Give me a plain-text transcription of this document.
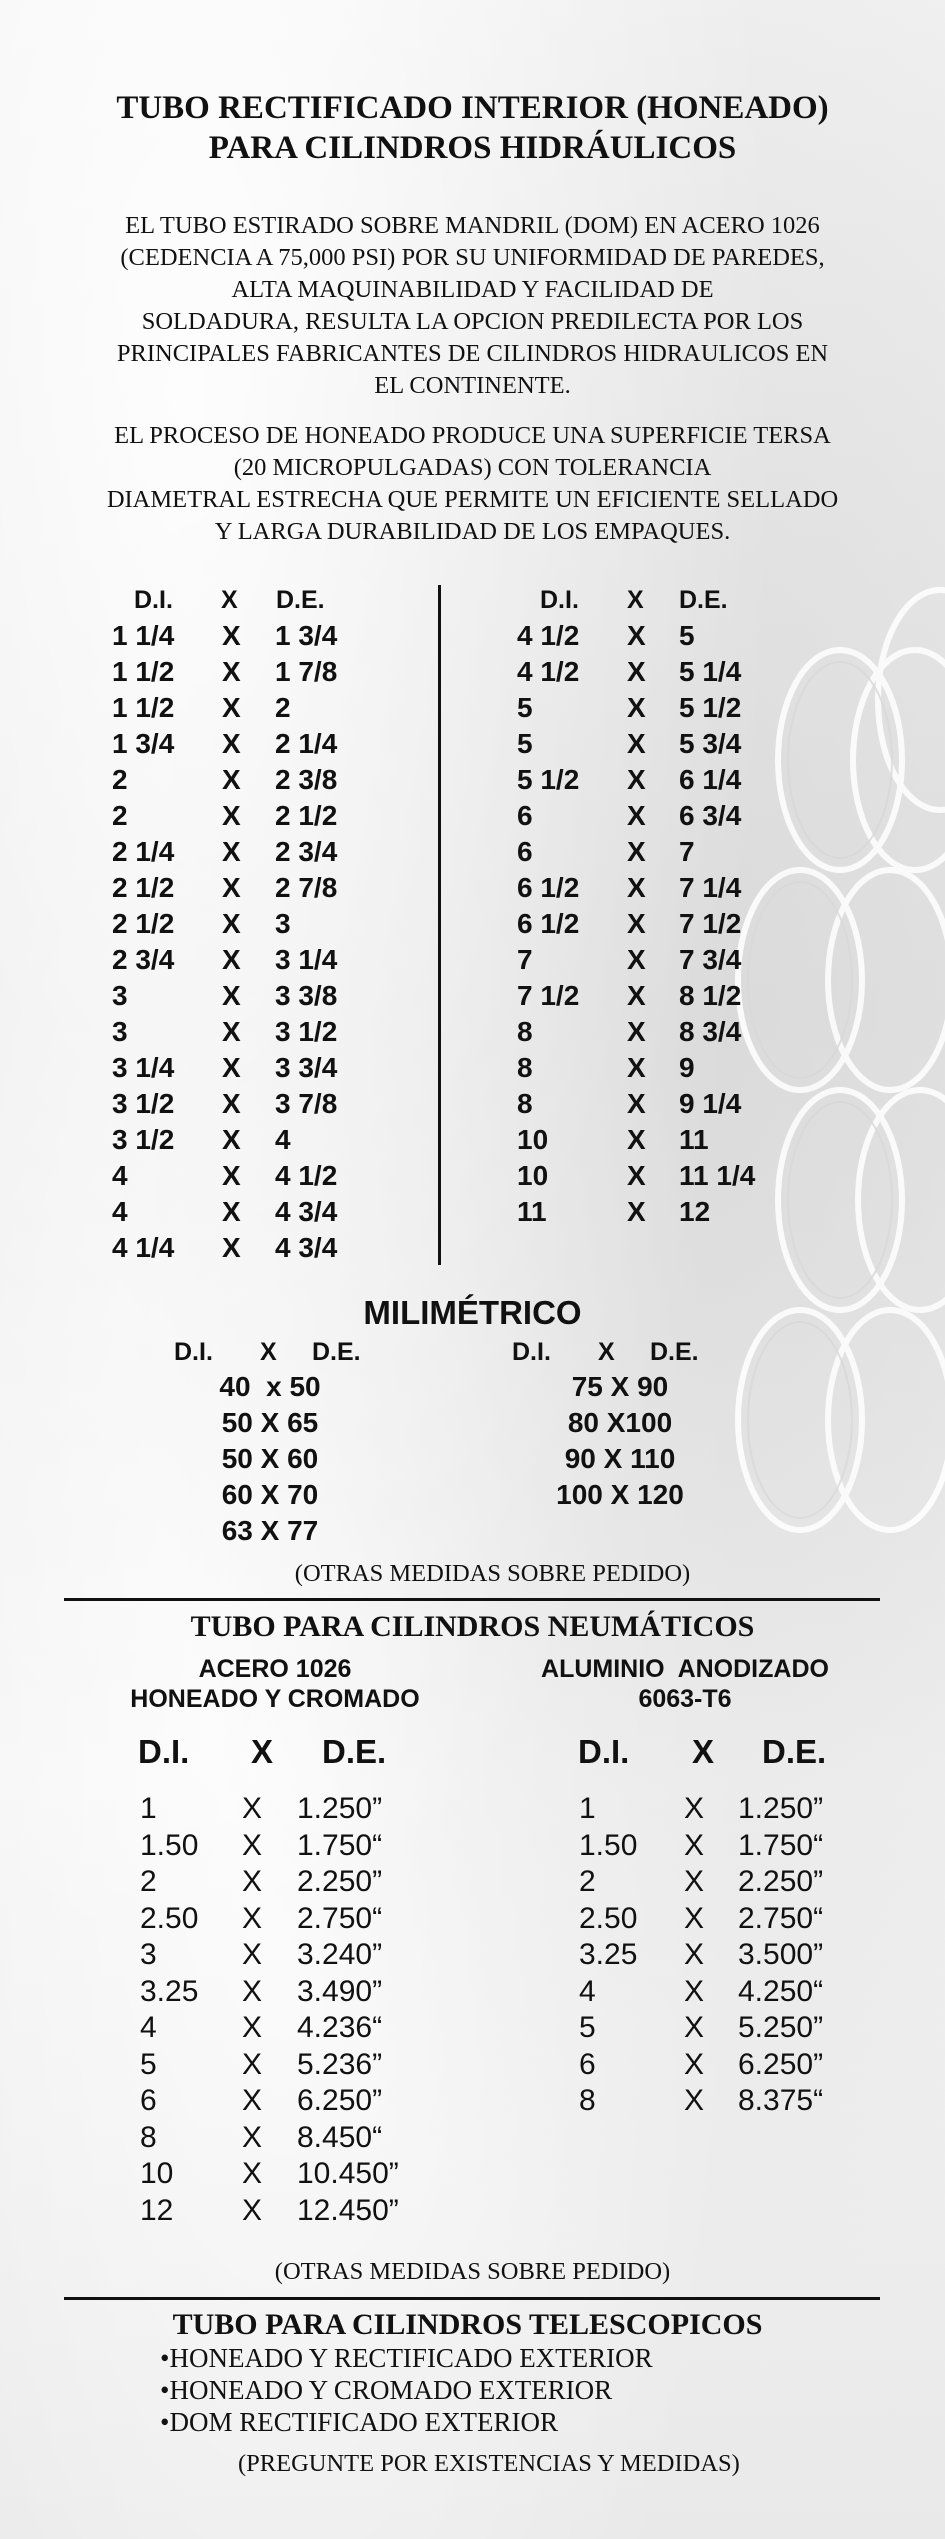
TUBO RECTIFICADO INTERIOR (HONEADO)
PARA CILINDROS HIDRÁULICOS
EL TUBO ESTIRADO SOBRE MANDRIL (DOM) EN ACERO 1026
(CEDENCIA A 75,000 PSI) POR SU UNIFORMIDAD DE PAREDES,
ALTA MAQUINABILIDAD Y FACILIDAD DE
SOLDADURA, RESULTA LA OPCION PREDILECTA POR LOS
PRINCIPALES FABRICANTES DE CILINDROS HIDRAULICOS EN
EL CONTINENTE.
EL PROCESO DE HONEADO PRODUCE UNA SUPERFICIE TERSA
(20 MICROPULGADAS) CON TOLERANCIA
DIAMETRAL ESTRECHA QUE PERMITE UN EFICIENTE SELLADO
Y LARGA DURABILIDAD DE LOS EMPAQUES.
D.I. X D.E.	D.I. X D.E.
1 1/4 X 1 3/4
1 1/2 X 1 7/8
1 1/2 X 2
1 3/4 X 2 1/4
2	X 2 3/8
2	X 2 1/2
2 1/4 X 2 3/4
2 1/2 X 2 7/8
2 1/2 X 3
2 3/4 X 3 1/4
3	X 3 3/8
3	X 3 1/2
3 1/4 X 3 3/4
3 1/2 X 3 7/8
3 1/2 X 4
4	X 4 1/2
4	X 4 3/4
4 1/4 X 4 3/4
4 1/2 X 5
4 1/2 X 5 1/4
5	X 5 1/2
5	X 5 3/4
5 1/2 X 6 1/4
6	X 6 3/4
6	X 7
6 1/2 X 7 1/4
6 1/2 X 7 1/2
7	X 7 3/4
7 1/2 X 8 1/2
8	X 8 3/4
8	X 9
8	X 9 1/4
10	X 11
10	X 11 1/4
11	X 12
MILIMÉTRICO
D.I. X D.E.	D.I. X D.E.
40  x 50
50 X 65
50 X 60
60 X 70
63 X 77
75 X 90
80 X100
90 X 110
100 X 120
(OTRAS MEDIDAS SOBRE PEDIDO)
TUBO PARA CILINDROS NEUMÁTICOS
ACERO 1026
HONEADO Y CROMADO
ALUMINIO  ANODIZADO
6063-T6
D.I. X D.E.	D.I. X D.E.
1	X 1.250”
1.50 X 1.750“
2	X 2.250”
2.50 X 2.750“
3	X 3.240”
3.25 X 3.490”
4	X 4.236“
5	X 5.236”
6	X 6.250”
8	X 8.450“
10 X 10.450”
12 X 12.450”
1	X 1.250”
1.50 X 1.750“
2	X 2.250”
2.50 X 2.750“
3.25 X 3.500”
4	X 4.250“
5	X 5.250”
6	X 6.250”
8	X 8.375“
(OTRAS MEDIDAS SOBRE PEDIDO)
TUBO PARA CILINDROS TELESCOPICOS
•HONEADO Y RECTIFICADO EXTERIOR
•HONEADO Y CROMADO EXTERIOR
•DOM RECTIFICADO EXTERIOR
(PREGUNTE POR EXISTENCIAS Y MEDIDAS)
